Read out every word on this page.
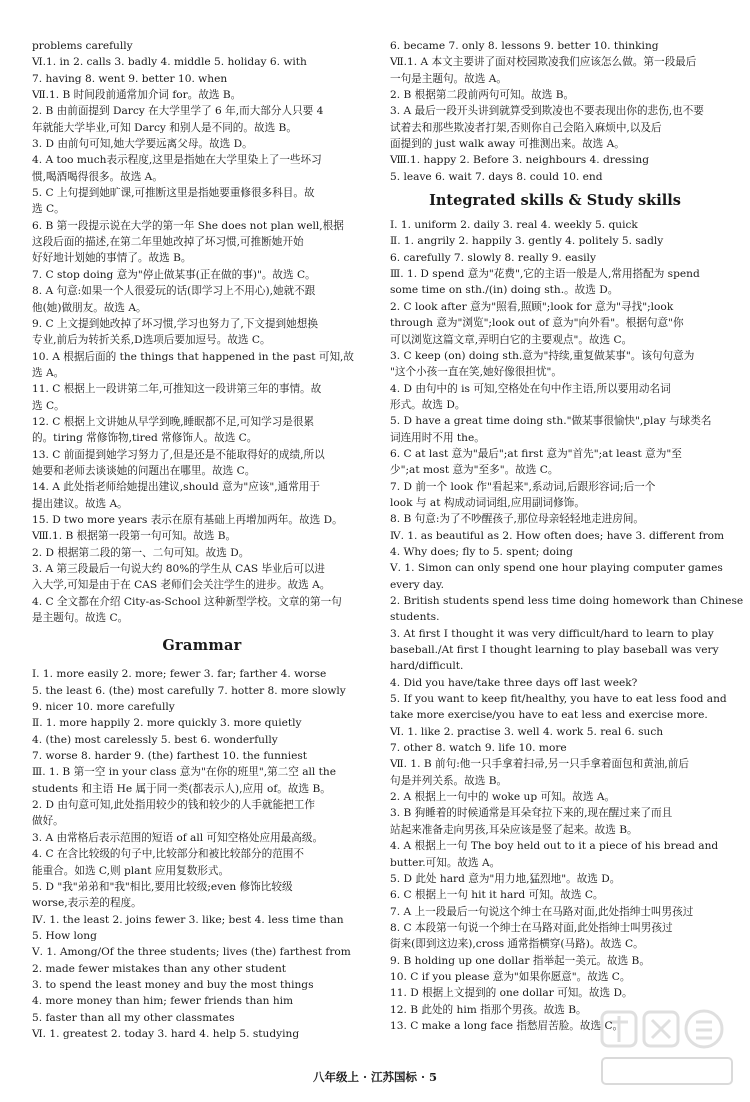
problems carefully
Ⅵ.1. in 2. calls 3. badly 4. middle 5. holiday 6. with
7. having 8. went 9. better 10. when
Ⅶ.1. B 时间段前通常加介词 for。故选 B。
2. B 由前面提到 Darcy 在大学里学了 6 年,而大部分人只要 4
年就能大学毕业,可知 Darcy 和别人是不同的。故选 B。
3. D 由前句可知,她大学要远离父母。故选 D。
4. A too much表示程度,这里是指她在大学里染上了一些坏习
惯,喝酒喝得很多。故选 A。
5. C 上句提到她旷课,可推断这里是指她要重修很多科目。故
选 C。
6. B 第一段提示说在大学的第一年 She does not plan well,根据
这段后面的描述,在第二年里她改掉了坏习惯,可推断她开始
好好地计划她的事情了。故选 B。
7. C stop doing 意为"停止做某事(正在做的事)"。故选 C。
8. A 句意:如果一个人很爱玩的话(即学习上不用心),她就不跟
他(她)做朋友。故选 A。
9. C 上文提到她改掉了坏习惯,学习也努力了,下文提到她想换
专业,前后为转折关系,D选项后要加逗号。故选 C。
10. A 根据后面的 the things that happened in the past 可知,故
选 A。
11. C 根据上一段讲第二年,可推知这一段讲第三年的事情。故
选 C。
12. C 根据上文讲她从早学到晚,睡眠都不足,可知学习是很累
的。tiring 常修饰物,tired 常修饰人。故选 C。
13. C 前面提到她学习努力了,但是还是不能取得好的成绩,所以
她要和老师去谈谈她的问题出在哪里。故选 C。
14. A 此处指老师给她提出建议,should 意为"应该",通常用于
提出建议。故选 A。
15. D two more years 表示在原有基础上再增加两年。故选 D。
Ⅷ.1. B 根据第一段第一句可知。故选 B。
2. D 根据第二段的第一、二句可知。故选 D。
3. A 第三段最后一句说大约 80%的学生从 CAS 毕业后可以进
入大学,可知是由于在 CAS 老师们会关注学生的进步。故选 A。
4. C 全文都在介绍 City-as-School 这种新型学校。文章的第一句
是主题句。故选 C。
Grammar
Ⅰ. 1. more easily 2. more; fewer 3. far; farther 4. worse
5. the least 6. (the) most carefully 7. hotter 8. more slowly
9. nicer 10. more carefully
Ⅱ. 1. more happily 2. more quickly 3. more quietly
4. (the) most carelessly 5. best 6. wonderfully
7. worse 8. harder 9. (the) farthest 10. the funniest
Ⅲ. 1. B 第一空 in your class 意为"在你的班里",第二空 all the
students 和主语 He 属于同一类(都表示人),应用 of。故选 B。
2. D 由句意可知,此处指用较少的钱和较少的人手就能把工作
做好。
3. A 由常格后表示范围的短语 of all 可知空格处应用最高级。
4. C 在含比较级的句子中,比较部分和被比较部分的范围不
能重合。如选 C,则 plant 应用复数形式。
5. D "我"弟弟和"我"相比,要用比较级;even 修饰比较级
worse,表示差的程度。
Ⅳ. 1. the least 2. joins fewer 3. like; best 4. less time than
5. How long
Ⅴ. 1. Among/Of the three students; lives (the) farthest from
2. made fewer mistakes than any other student
3. to spend the least money and buy the most things
4. more money than him; fewer friends than him
5. faster than all my other classmates
Ⅵ. 1. greatest 2. today 3. hard 4. help 5. studying
6. became 7. only 8. lessons 9. better 10. thinking
Ⅶ.1. A 本文主要讲了面对校园欺凌我们应该怎么做。第一段最后
一句是主题句。故选 A。
2. B 根据第二段前两句可知。故选 B。
3. A 最后一段开头讲到就算受到欺凌也不要表现出你的悲伤,也不要
试着去和那些欺凌者打架,否则你自己会陷入麻烦中,以及后
面提到的 just walk away 可推测出来。故选 A。
Ⅷ.1. happy 2. Before 3. neighbours 4. dressing
5. leave 6. wait 7. days 8. could 10. end
Integrated skills & Study skills
Ⅰ. 1. uniform 2. daily 3. real 4. weekly 5. quick
Ⅱ. 1. angrily 2. happily 3. gently 4. politely 5. sadly
6. carefully 7. slowly 8. really 9. easily
Ⅲ. 1. D spend 意为"花费",它的主语一般是人,常用搭配为 spend
some time on sth./(in) doing sth.。故选 D。
2. C look after 意为"照看,照顾";look for 意为"寻找";look
through 意为"浏览";look out of 意为"向外看"。根据句意"你
可以浏览这篇文章,弄明白它的主要观点"。故选 C。
3. C keep (on) doing sth.意为"持续,重复做某事"。该句句意为
"这个小孩一直在笑,她好像很担忧"。
4. D 由句中的 is 可知,空格处在句中作主语,所以要用动名词
形式。故选 D。
5. D have a great time doing sth."做某事很愉快",play 与球类名
词连用时不用 the。
6. C at last 意为"最后";at first 意为"首先";at least 意为"至
少";at most 意为"至多"。故选 C。
7. D 前一个 look 作"看起来",系动词,后跟形容词;后一个
look 与 at 构成动词词组,应用副词修饰。
8. B 句意:为了不吵醒孩子,那位母亲轻轻地走进房间。
Ⅳ. 1. as beautiful as 2. How often does; have 3. different from
4. Why does; fly to 5. spent; doing
Ⅴ. 1. Simon can only spend one hour playing computer games
every day.
2. British students spend less time doing homework than Chinese
students.
3. At first I thought it was very difficult/hard to learn to play
baseball./At first I thought learning to play baseball was very
hard/difficult.
4. Did you have/take three days off last week?
5. If you want to keep fit/healthy, you have to eat less food and
take more exercise/you have to eat less and exercise more.
Ⅵ. 1. like 2. practise 3. well 4. work 5. real 6. such
7. other 8. watch 9. life 10. more
Ⅶ. 1. B 前句:他一只手拿着扫帚,另一只手拿着面包和黄油,前后
句是并列关系。故选 B。
2. A 根据上一句中的 woke up 可知。故选 A。
3. B 狗睡着的时候通常是耳朵耷拉下来的,现在醒过来了而且
站起来准备走向男孩,耳朵应该是竖了起来。故选 B。
4. A 根据上一句 The boy held out to it a piece of his bread and
butter.可知。故选 A。
5. D 此处 hard 意为"用力地,猛烈地"。故选 D。
6. C 根据上一句 hit it hard 可知。故选 C。
7. A 上一段最后一句说这个绅士在马路对面,此处指绅士叫男孩过
8. C 本段第一句说一个绅士在马路对面,此处指绅士叫男孩过
街来(即到这边来),cross 通常指横穿(马路)。故选 C。
9. B holding up one dollar 指举起一美元。故选 B。
10. C if you please 意为"如果你愿意"。故选 C。
11. D 根据上文提到的 one dollar 可知。故选 D。
12. B 此处的 him 指那个男孩。故选 B。
13. C make a long face 指愁眉苦脸。故选 C。
八年级上 · 江苏国标 · 5
